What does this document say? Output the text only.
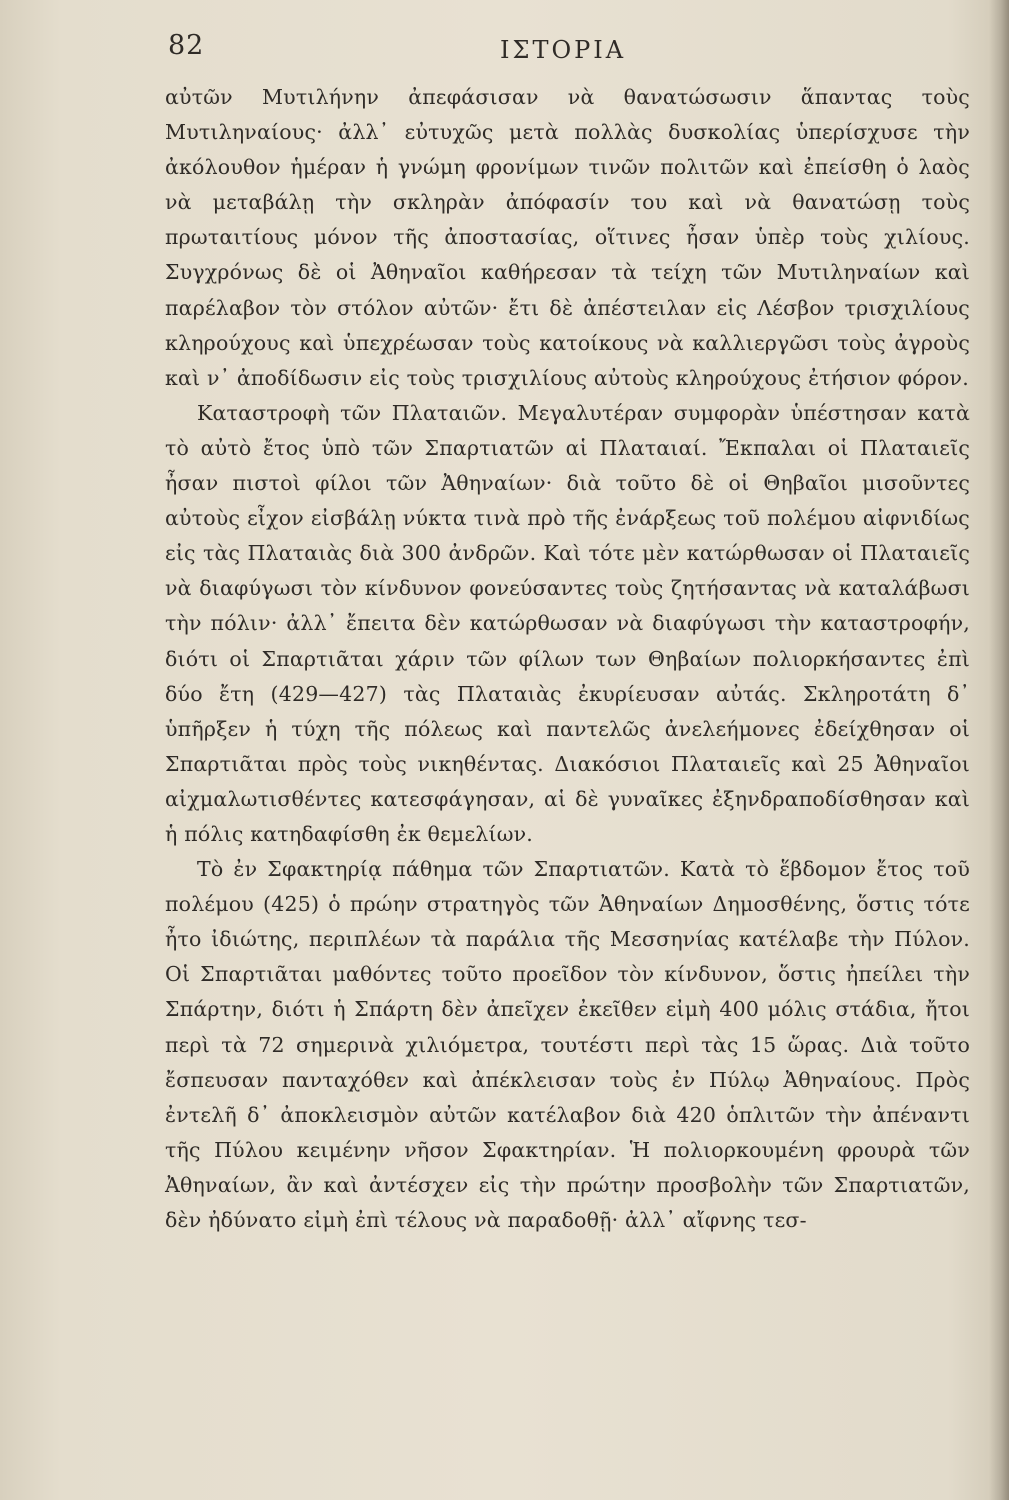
82	ΙΣΤΟΡΙΑ

αὐτῶν Μυτιλήνην ἀπεφάσισαν νὰ θανατώσωσιν ἅπαντας τοὺς Μυτιληναίους· ἀλλ᾿ εὐτυχῶς μετὰ πολλὰς δυσκολίας ὑπερίσχυσε τὴν ἀκόλουθον ἡμέραν ἡ γνώμη φρονίμων τινῶν πολιτῶν καὶ ἐπείσθη ὁ λαὸς νὰ μεταβάλῃ τὴν σκληρὰν ἀπόφασίν του καὶ νὰ θανατώσῃ τοὺς πρωταιτίους μόνον τῆς ἀποστασίας, οἵτινες ἦσαν ὑπὲρ τοὺς χιλίους. Συγχρόνως δὲ οἱ Ἀθηναῖοι καθήρεσαν τὰ τείχη τῶν Μυτιληναίων καὶ παρέλαβον τὸν στόλον αὐτῶν· ἔτι δὲ ἀπέστειλαν εἰς Λέσβον τρισχιλίους κληρούχους καὶ ὑπεχρέωσαν τοὺς κατοίκους νὰ καλλιεργῶσι τοὺς ἀγροὺς καὶ ν᾿ ἀποδίδωσιν εἰς τοὺς τρισχιλίους αὐτοὺς κληρούχους ἐτήσιον φόρον.

Καταστροφὴ τῶν Πλαταιῶν. Μεγαλυτέραν συμφορὰν ὑπέστησαν κατὰ τὸ αὐτὸ ἔτος ὑπὸ τῶν Σπαρτιατῶν αἱ Πλαταιαί. Ἔκπαλαι οἱ Πλαταιεῖς ἦσαν πιστοὶ φίλοι τῶν Ἀθηναίων· διὰ τοῦτο δὲ οἱ Θηβαῖοι μισοῦντες αὐτοὺς εἶχον εἰσβάλῃ νύκτα τινὰ πρὸ τῆς ἐνάρξεως τοῦ πολέμου αἰφνιδίως εἰς τὰς Πλαταιὰς διὰ 300 ἀνδρῶν. Καὶ τότε μὲν κατώρθωσαν οἱ Πλαταιεῖς νὰ διαφύγωσι τὸν κίνδυνον φονεύσαντες τοὺς ζητήσαντας νὰ καταλάβωσι τὴν πόλιν· ἀλλ᾿ ἔπειτα δὲν κατώρθωσαν νὰ διαφύγωσι τὴν καταστροφήν, διότι οἱ Σπαρτιᾶται χάριν τῶν φίλων των Θηβαίων πολιορκήσαντες ἐπὶ δύο ἔτη (429—427) τὰς Πλαταιὰς ἐκυρίευσαν αὐτάς. Σκληροτάτη δ᾿ ὑπῆρξεν ἡ τύχη τῆς πόλεως καὶ παντελῶς ἀνελεήμονες ἐδείχθησαν οἱ Σπαρτιᾶται πρὸς τοὺς νικηθέντας. Διακόσιοι Πλαταιεῖς καὶ 25 Ἀθηναῖοι αἰχμαλωτισθέντες κατεσφάγησαν, αἱ δὲ γυναῖκες ἐξηνδραποδίσθησαν καὶ ἡ πόλις κατηδαφίσθη ἐκ θεμελίων.

Τὸ ἐν Σφακτηρίᾳ πάθημα τῶν Σπαρτιατῶν. Κατὰ τὸ ἕβδομον ἔτος τοῦ πολέμου (425) ὁ πρώην στρατηγὸς τῶν Ἀθηναίων Δημοσθένης, ὅστις τότε ἦτο ἰδιώτης, περιπλέων τὰ παράλια τῆς Μεσσηνίας κατέλαβε τὴν Πύλον. Οἱ Σπαρτιᾶται μαθόντες τοῦτο προεῖδον τὸν κίνδυνον, ὅστις ἠπείλει τὴν Σπάρτην, διότι ἡ Σπάρτη δὲν ἀπεῖχεν ἐκεῖθεν εἰμὴ 400 μόλις στάδια, ἤτοι περὶ τὰ 72 σημερινὰ χιλιόμετρα, τουτέστι περὶ τὰς 15 ὥρας. Διὰ τοῦτο ἔσπευσαν πανταχόθεν καὶ ἀπέκλεισαν τοὺς ἐν Πύλῳ Ἀθηναίους. Πρὸς ἐντελῆ δ᾿ ἀποκλεισμὸν αὐτῶν κατέλαβον διὰ 420 ὁπλιτῶν τὴν ἀπέναντι τῆς Πύλου κειμένην νῆσον Σφακτηρίαν. Ἡ πολιορκουμένη φρουρὰ τῶν Ἀθηναίων, ἂν καὶ ἀντέσχεν εἰς τὴν πρώτην προσβολὴν τῶν Σπαρτιατῶν, δὲν ἠδύνατο εἰμὴ ἐπὶ τέλους νὰ παραδοθῇ· ἀλλ᾿ αἴφνης τεσ-
